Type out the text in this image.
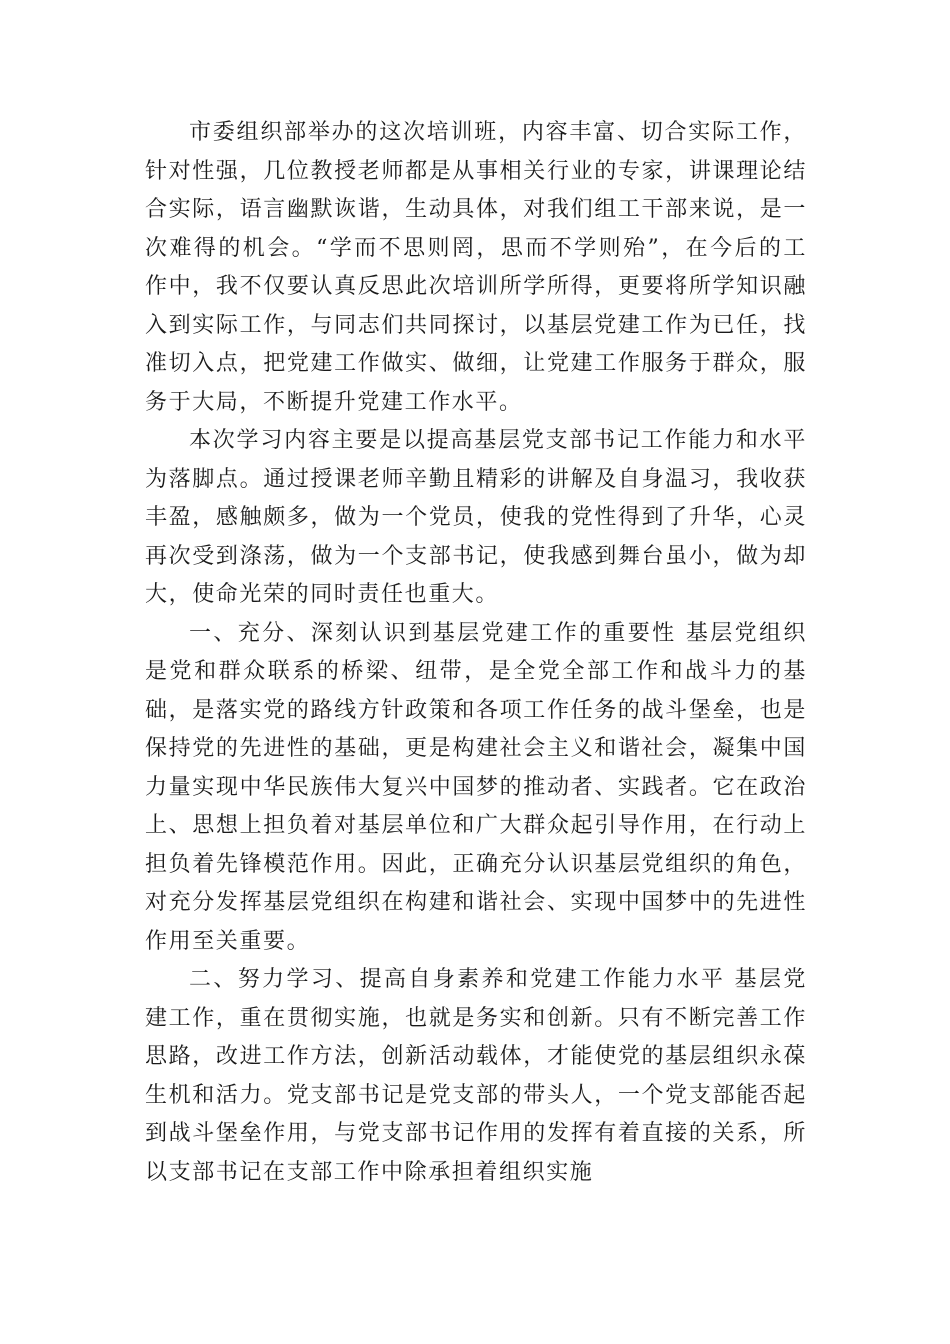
市委组织部举办的这次培训班，内容丰富、切合实际工作，针对性强，几位教授老师都是从事相关行业的专家，讲课理论结合实际，语言幽默诙谐，生动具体，对我们组工干部来说，是一次难得的机会。“学而不思则罔，思而不学则殆”，在今后的工作中，我不仅要认真反思此次培训所学所得，更要将所学知识融入到实际工作，与同志们共同探讨，以基层党建工作为已任，找准切入点，把党建工作做实、做细，让党建工作服务于群众，服务于大局，不断提升党建工作水平。

本次学习内容主要是以提高基层党支部书记工作能力和水平为落脚点。通过授课老师辛勤且精彩的讲解及自身温习，我收获丰盈，感触颇多，做为一个党员，使我的党性得到了升华，心灵再次受到涤荡，做为一个支部书记，使我感到舞台虽小，做为却大，使命光荣的同时责任也重大。

一、充分、深刻认识到基层党建工作的重要性 基层党组织是党和群众联系的桥梁、纽带，是全党全部工作和战斗力的基础，是落实党的路线方针政策和各项工作任务的战斗堡垒，也是保持党的先进性的基础，更是构建社会主义和谐社会，凝集中国力量实现中华民族伟大复兴中国梦的推动者、实践者。它在政治上、思想上担负着对基层单位和广大群众起引导作用，在行动上担负着先锋模范作用。因此，正确充分认识基层党组织的角色，对充分发挥基层党组织在构建和谐社会、实现中国梦中的先进性作用至关重要。

二、努力学习、提高自身素养和党建工作能力水平 基层党建工作，重在贯彻实施，也就是务实和创新。只有不断完善工作思路，改进工作方法，创新活动载体，才能使党的基层组织永葆生机和活力。党支部书记是党支部的带头人，一个党支部能否起到战斗堡垒作用，与党支部书记作用的发挥有着直接的关系，所以支部书记在支部工作中除承担着组织实施
